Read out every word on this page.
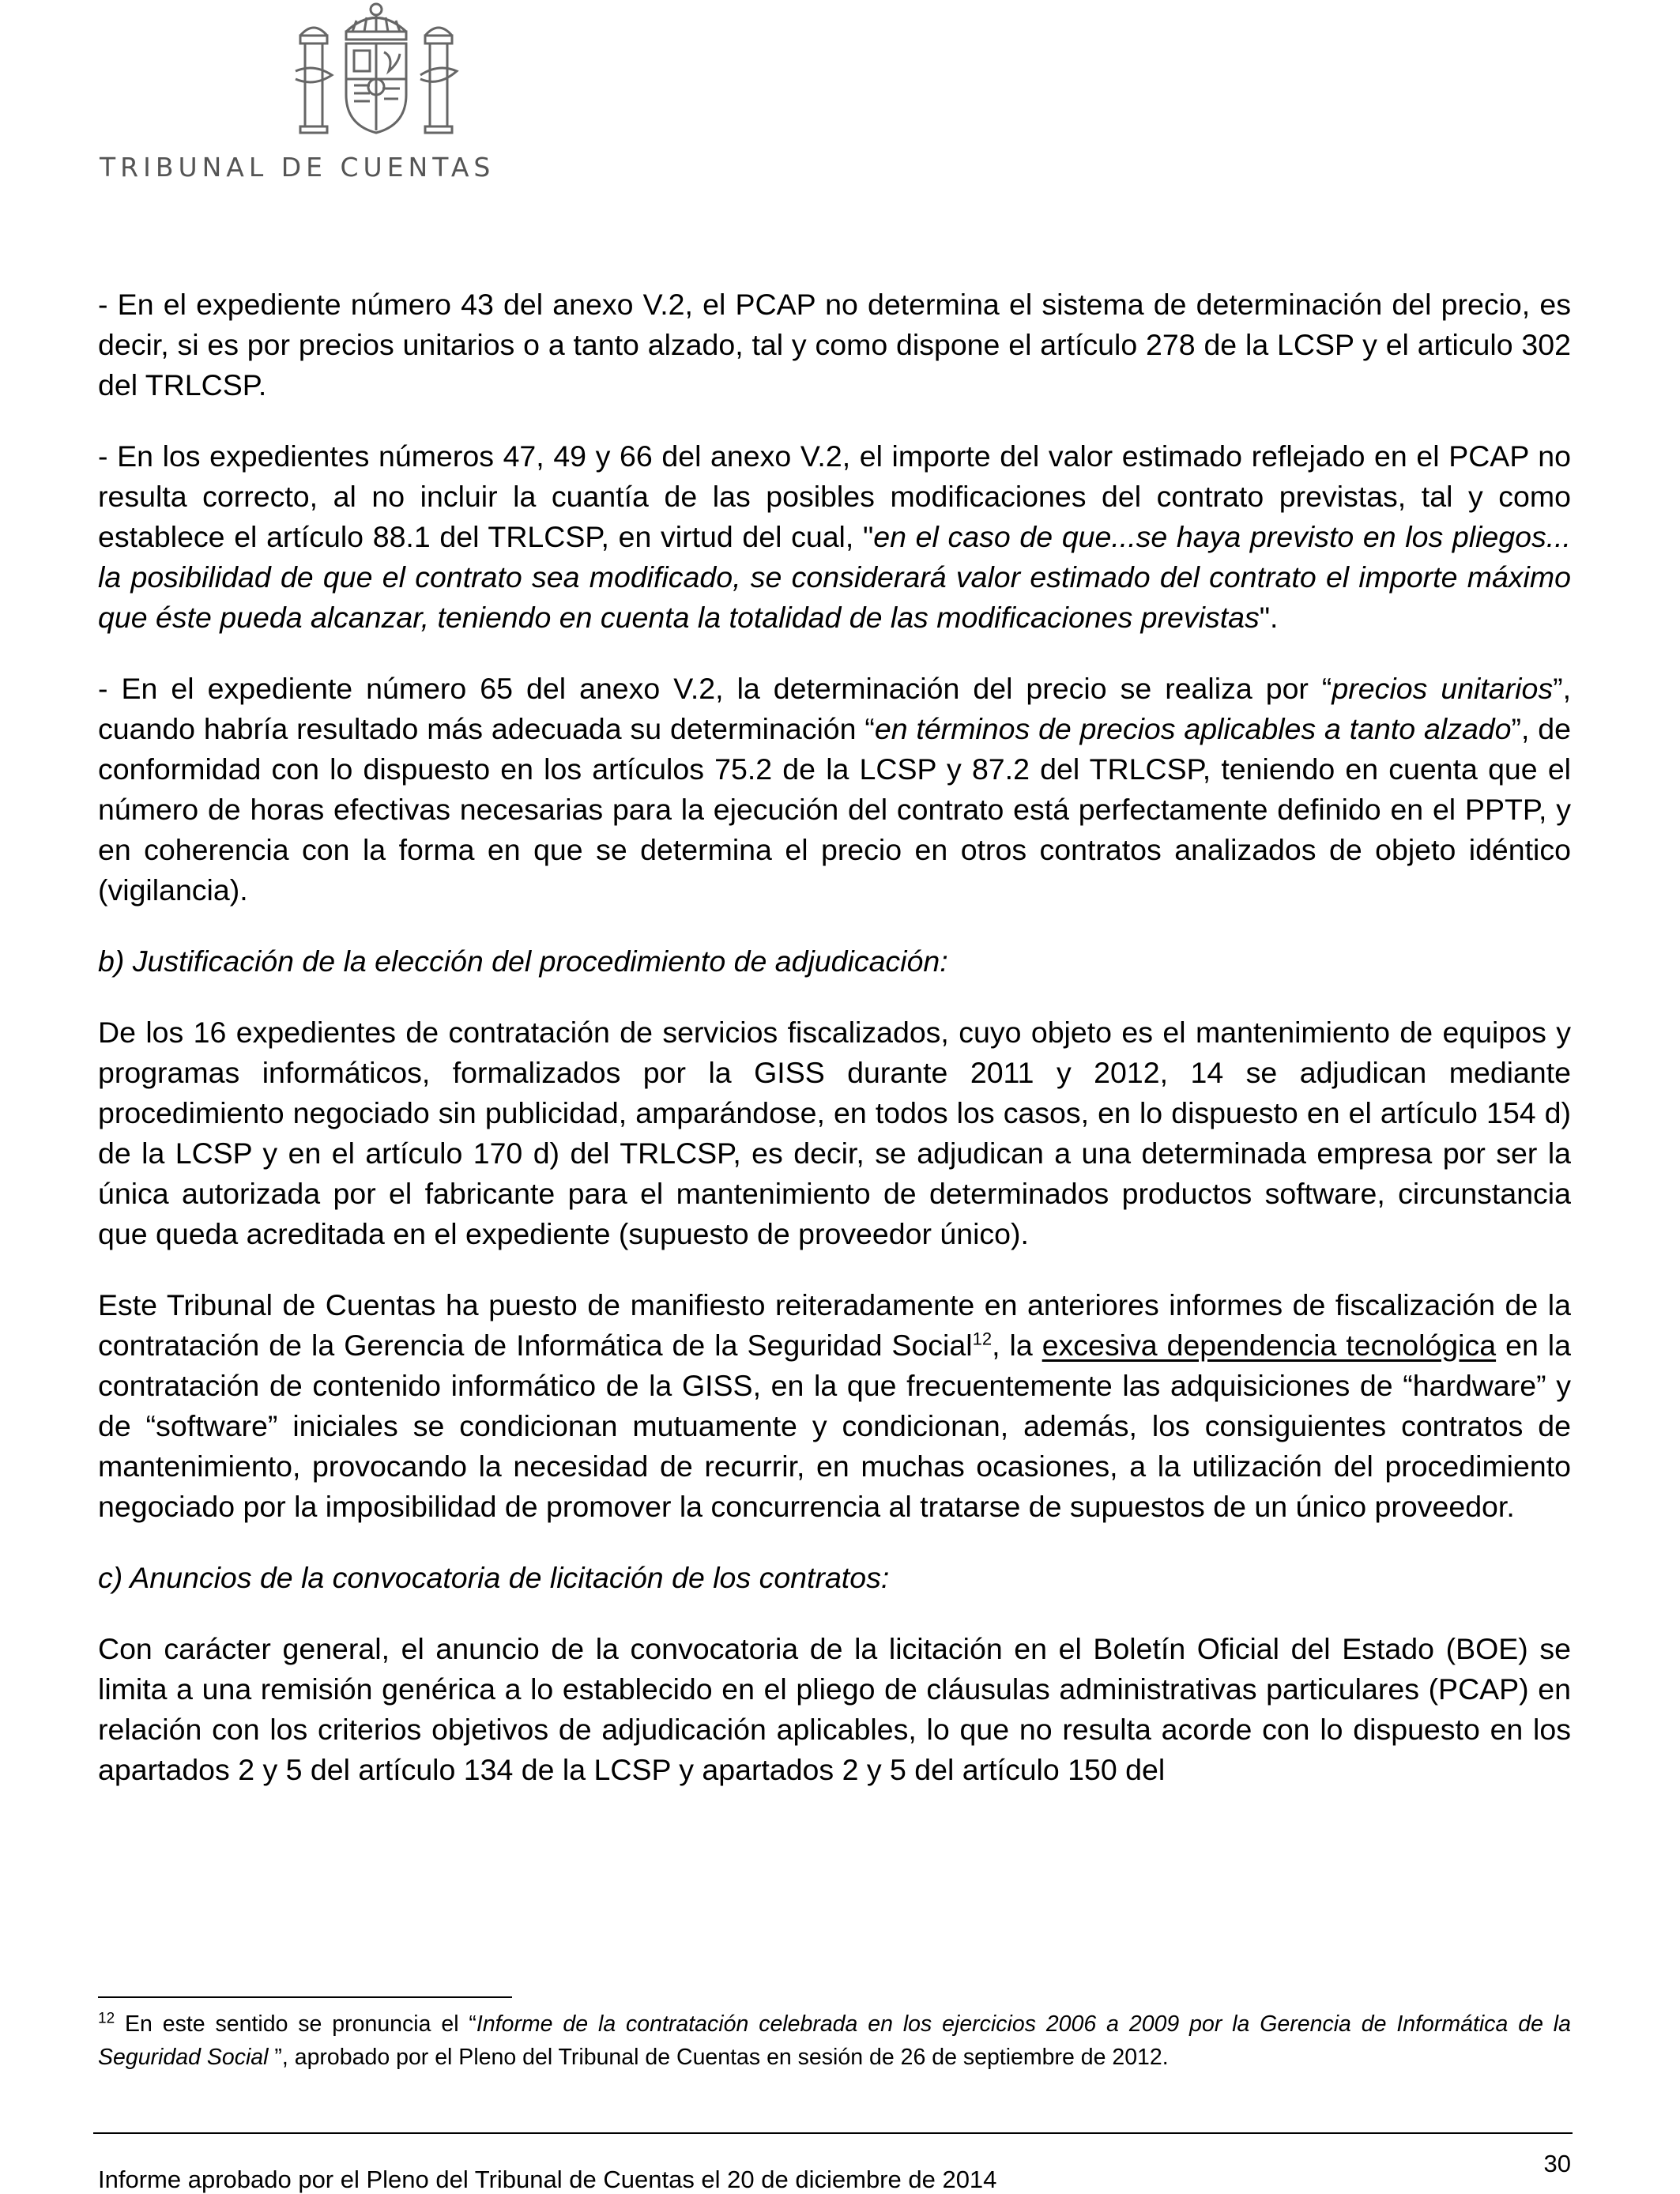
TRIBUNAL DE CUENTAS

- En el expediente número 43 del anexo V.2, el PCAP no determina el sistema de determinación del precio, es decir, si es por precios unitarios o a tanto alzado, tal y como dispone el artículo 278 de la LCSP y el articulo 302 del TRLCSP.

- En los expedientes números 47, 49 y 66 del anexo V.2, el importe del valor estimado reflejado en el PCAP no resulta correcto, al no incluir la cuantía de las posibles modificaciones del contrato previstas, tal y como establece el artículo 88.1 del TRLCSP, en virtud del cual, "en el caso de que...se haya previsto en los pliegos... la posibilidad de que el contrato sea modificado, se considerará valor estimado del contrato el importe máximo que éste pueda alcanzar, teniendo en cuenta la totalidad de las modificaciones previstas".

- En el expediente número 65 del anexo V.2, la determinación del precio se realiza por “precios unitarios”, cuando habría resultado más adecuada su determinación “en términos de precios aplicables a tanto alzado”, de conformidad con lo dispuesto en los artículos 75.2 de la LCSP y 87.2 del TRLCSP, teniendo en cuenta que el número de horas efectivas necesarias para la ejecución del contrato está perfectamente definido en el PPTP, y en coherencia con la forma en que se determina el precio en otros contratos analizados de objeto idéntico (vigilancia).

b) Justificación de la elección del procedimiento de adjudicación:

De los 16 expedientes de contratación de servicios fiscalizados, cuyo objeto es el mantenimiento de equipos y programas informáticos, formalizados por la GISS durante 2011 y 2012, 14 se adjudican mediante procedimiento negociado sin publicidad, amparándose, en todos los casos, en lo dispuesto en el artículo 154 d) de la LCSP y en el artículo 170 d) del TRLCSP, es decir, se adjudican a una determinada empresa por ser la única autorizada por el fabricante para el mantenimiento de determinados productos software, circunstancia que queda acreditada en el expediente (supuesto de proveedor único).

Este Tribunal de Cuentas ha puesto de manifiesto reiteradamente en anteriores informes de fiscalización de la contratación de la Gerencia de Informática de la Seguridad Social$^{12}$, la excesiva dependencia tecnológica en la contratación de contenido informático de la GISS, en la que frecuentemente las adquisiciones de “hardware” y de “software” iniciales se condicionan mutuamente y condicionan, además, los consiguientes contratos de mantenimiento, provocando la necesidad de recurrir, en muchas ocasiones, a la utilización del procedimiento negociado por la imposibilidad de promover la concurrencia al tratarse de supuestos de un único proveedor.

c) Anuncios de la convocatoria de licitación de los contratos:

Con carácter general, el anuncio de la convocatoria de la licitación en el Boletín Oficial del Estado (BOE) se limita a una remisión genérica a lo establecido en el pliego de cláusulas administrativas particulares (PCAP) en relación con los criterios objetivos de adjudicación aplicables, lo que no resulta acorde con lo dispuesto en los apartados 2 y 5 del artículo 134 de la LCSP y apartados 2 y 5 del artículo 150 del

$^{12}$ En este sentido se pronuncia el “Informe de la contratación celebrada en los ejercicios 2006 a 2009 por la Gerencia de Informática de la Seguridad Social ”, aprobado por el Pleno del Tribunal de Cuentas en sesión de 26 de septiembre de 2012.
30
Informe aprobado por el Pleno del Tribunal de Cuentas el 20 de diciembre de 2014
